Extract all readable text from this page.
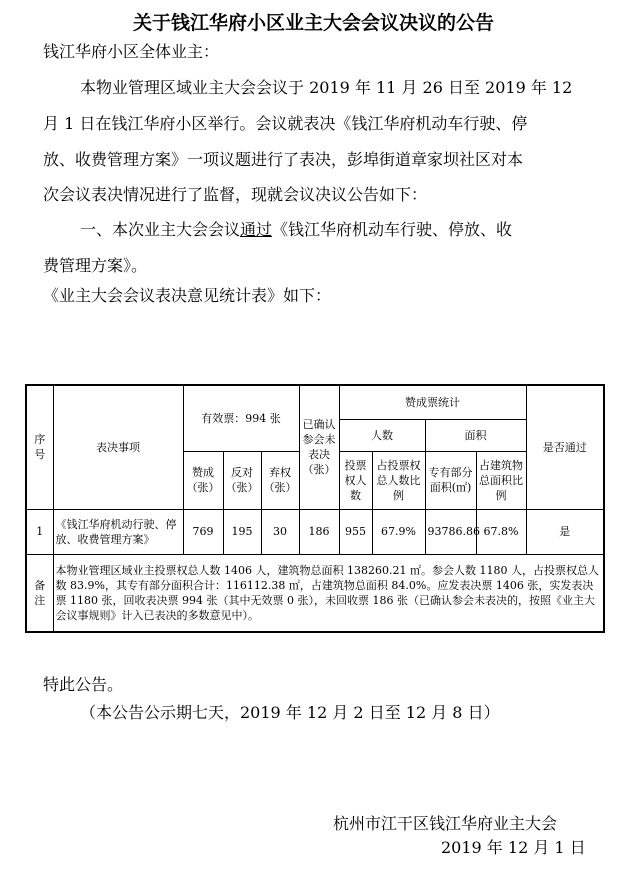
关于钱江华府小区业主大会会议决议的公告
钱江华府小区全体业主：
本物业管理区域业主大会会议于 2019 年 11 月 26 日至 2019 年 12
月 1 日在钱江华府小区举行。会议就表决《钱江华府机动车行驶、停
放、收费管理方案》一项议题进行了表决，彭埠街道章家坝社区对本
次会议表决情况进行了监督，现就会议决议公告如下：
一、本次业主大会会议通过《钱江华府机动车行驶、停放、收
费管理方案》。
《业主大会会议表决意见统计表》如下：
序号	表决事项	有效票：994 张			已确认参会未表决（张）	赞成票统计				是否通过
						人数		面积		
		赞成（张）	反对（张）	弃权（张）		投票权人数	占投票权总人数比例	专有部分面积(㎡)	占建筑物总面积比例	
1	《钱江华府机动行驶、停放、收费管理方案》	769	195	30	186	955	67.9%	93786.86	67.8%	是
备注	本物业管理区域业主投票权总人数 1406 人，建筑物总面积 138260.21 ㎡。参会人数 1180 人，占投票权总人数 83.9%，其专有部分面积合计：116112.38 ㎡，占建筑物总面积 84.0%。应发表决票 1406 张，实发表决票 1180 张，回收表决票 994 张（其中无效票 0 张），未回收票 186 张（已确认参会未表决的，按照《业主大会议事规则》计入已表决的多数意见中）。									
特此公告。
（本公告公示期七天，2019 年 12 月 2 日至 12 月 8 日）
杭州市江干区钱江华府业主大会
2019 年 12 月 1 日
